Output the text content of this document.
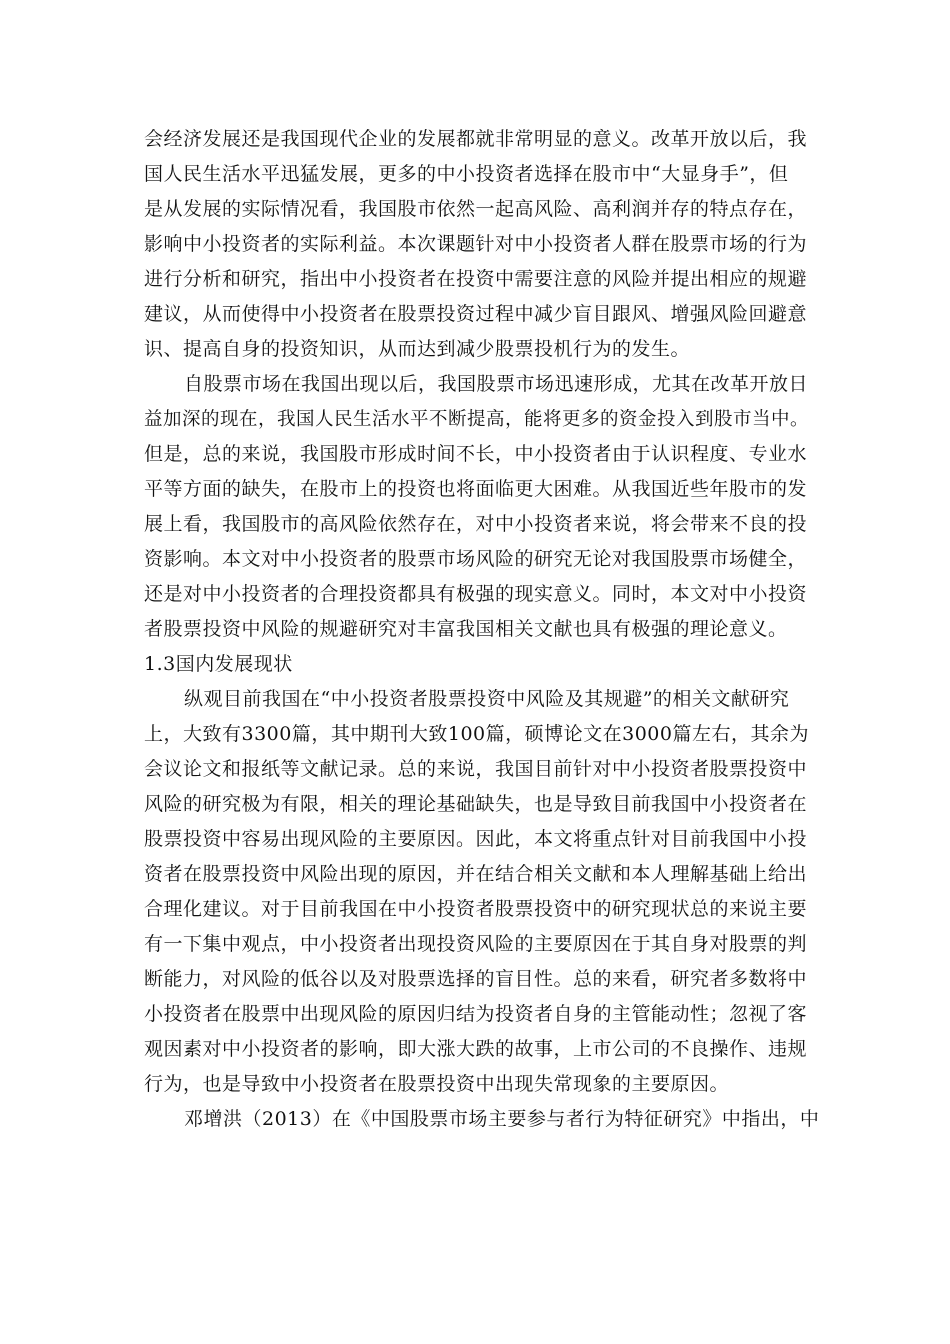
会经济发展还是我国现代企业的发展都就非常明显的意义。改革开放以后，我
国人民生活水平迅猛发展，更多的中小投资者选择在股市中“大显身手”，但
是从发展的实际情况看，我国股市依然一起高风险、高利润并存的特点存在，
影响中小投资者的实际利益。本次课题针对中小投资者人群在股票市场的行为
进行分析和研究，指出中小投资者在投资中需要注意的风险并提出相应的规避
建议，从而使得中小投资者在股票投资过程中减少盲目跟风、增强风险回避意
识、提高自身的投资知识，从而达到减少股票投机行为的发生。
自股票市场在我国出现以后，我国股票市场迅速形成，尤其在改革开放日
益加深的现在，我国人民生活水平不断提高，能将更多的资金投入到股市当中。
但是，总的来说，我国股市形成时间不长，中小投资者由于认识程度、专业水
平等方面的缺失，在股市上的投资也将面临更大困难。从我国近些年股市的发
展上看，我国股市的高风险依然存在，对中小投资者来说，将会带来不良的投
资影响。本文对中小投资者的股票市场风险的研究无论对我国股票市场健全，
还是对中小投资者的合理投资都具有极强的现实意义。同时，本文对中小投资
者股票投资中风险的规避研究对丰富我国相关文献也具有极强的理论意义。
1.3国内发展现状
纵观目前我国在“中小投资者股票投资中风险及其规避”的相关文献研究
上，大致有3300篇，其中期刊大致100篇，硕博论文在3000篇左右，其余为
会议论文和报纸等文献记录。总的来说，我国目前针对中小投资者股票投资中
风险的研究极为有限，相关的理论基础缺失，也是导致目前我国中小投资者在
股票投资中容易出现风险的主要原因。因此，本文将重点针对目前我国中小投
资者在股票投资中风险出现的原因，并在结合相关文献和本人理解基础上给出
合理化建议。对于目前我国在中小投资者股票投资中的研究现状总的来说主要
有一下集中观点，中小投资者出现投资风险的主要原因在于其自身对股票的判
断能力，对风险的低谷以及对股票选择的盲目性。总的来看，研究者多数将中
小投资者在股票中出现风险的原因归结为投资者自身的主管能动性；忽视了客
观因素对中小投资者的影响，即大涨大跌的故事，上市公司的不良操作、违规
行为，也是导致中小投资者在股票投资中出现失常现象的主要原因。
邓增洪（2013）在《中国股票市场主要参与者行为特征研究》中指出，中
